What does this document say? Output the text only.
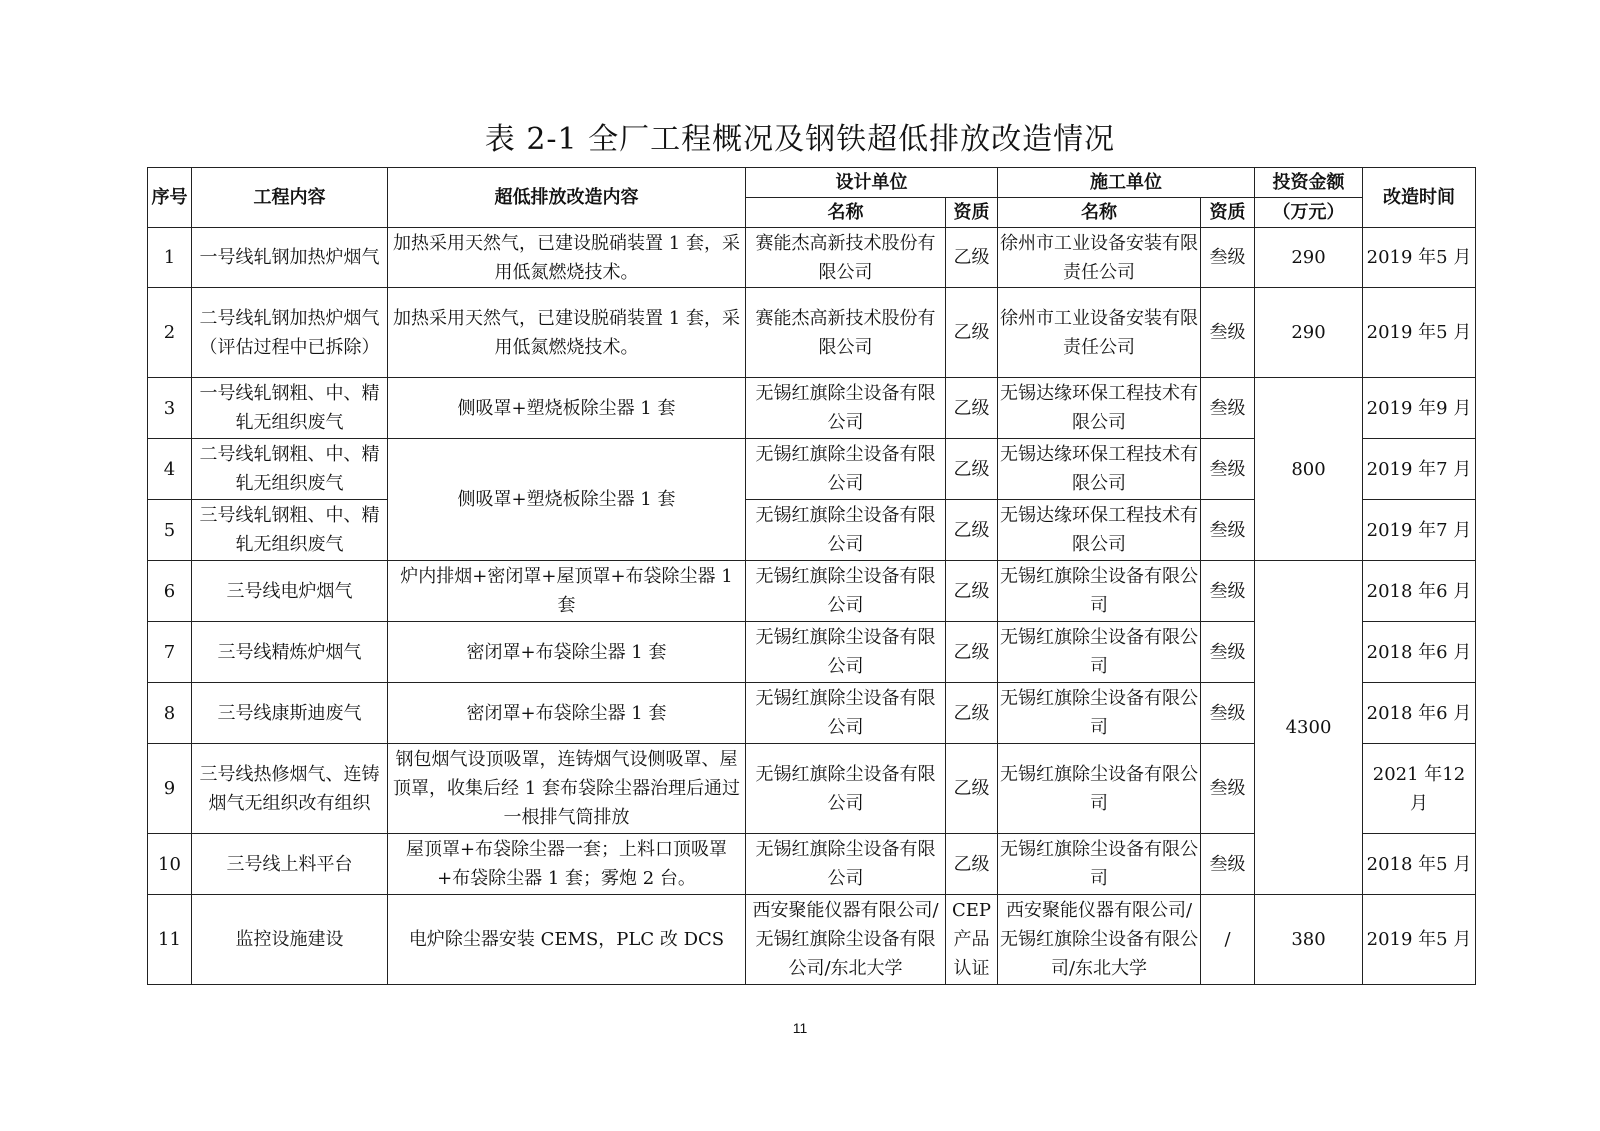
表 2-1 全厂工程概况及钢铁超低排放改造情况
序号	工程内容	超低排放改造内容	设计单位		施工单位		投资金额	改造时间
			名称	资质	名称	资质	（万元）	
1	一号线轧钢加热炉烟气	加热采用天然气，已建设脱硝装置 1 套，采用低氮燃烧技术。	赛能杰高新技术股份有限公司	乙级	徐州市工业设备安装有限责任公司	叁级	290	2019 年5 月
2	二号线轧钢加热炉烟气（评估过程中已拆除）	加热采用天然气，已建设脱硝装置 1 套，采用低氮燃烧技术。	赛能杰高新技术股份有限公司	乙级	徐州市工业设备安装有限责任公司	叁级	290	2019 年5 月
3	一号线轧钢粗、中、精轧无组织废气	侧吸罩+塑烧板除尘器 1 套	无锡红旗除尘设备有限公司	乙级	无锡达缘环保工程技术有限公司	叁级	800	2019 年9 月
4	二号线轧钢粗、中、精轧无组织废气	侧吸罩+塑烧板除尘器 1 套	无锡红旗除尘设备有限公司	乙级	无锡达缘环保工程技术有限公司	叁级		2019 年7 月
5	三号线轧钢粗、中、精轧无组织废气		无锡红旗除尘设备有限公司	乙级	无锡达缘环保工程技术有限公司	叁级		2019 年7 月
6	三号线电炉烟气	炉内排烟+密闭罩+屋顶罩+布袋除尘器 1 套	无锡红旗除尘设备有限公司	乙级	无锡红旗除尘设备有限公司	叁级	4300	2018 年6 月
7	三号线精炼炉烟气	密闭罩+布袋除尘器 1 套	无锡红旗除尘设备有限公司	乙级	无锡红旗除尘设备有限公司	叁级		2018 年6 月
8	三号线康斯迪废气	密闭罩+布袋除尘器 1 套	无锡红旗除尘设备有限公司	乙级	无锡红旗除尘设备有限公司	叁级		2018 年6 月
9	三号线热修烟气、连铸烟气无组织改有组织	钢包烟气设顶吸罩，连铸烟气设侧吸罩、屋顶罩，收集后经 1 套布袋除尘器治理后通过一根排气筒排放	无锡红旗除尘设备有限公司	乙级	无锡红旗除尘设备有限公司	叁级		2021 年12 月
10	三号线上料平台	屋顶罩+布袋除尘器一套；上料口顶吸罩+布袋除尘器 1 套；雾炮 2 台。	无锡红旗除尘设备有限公司	乙级	无锡红旗除尘设备有限公司	叁级		2018 年5 月
11	监控设施建设	电炉除尘器安装 CEMS，PLC 改 DCS	西安聚能仪器有限公司/无锡红旗除尘设备有限公司/东北大学	CEP 产品认证	西安聚能仪器有限公司/无锡红旗除尘设备有限公司/东北大学	/	380	2019 年5 月
11
